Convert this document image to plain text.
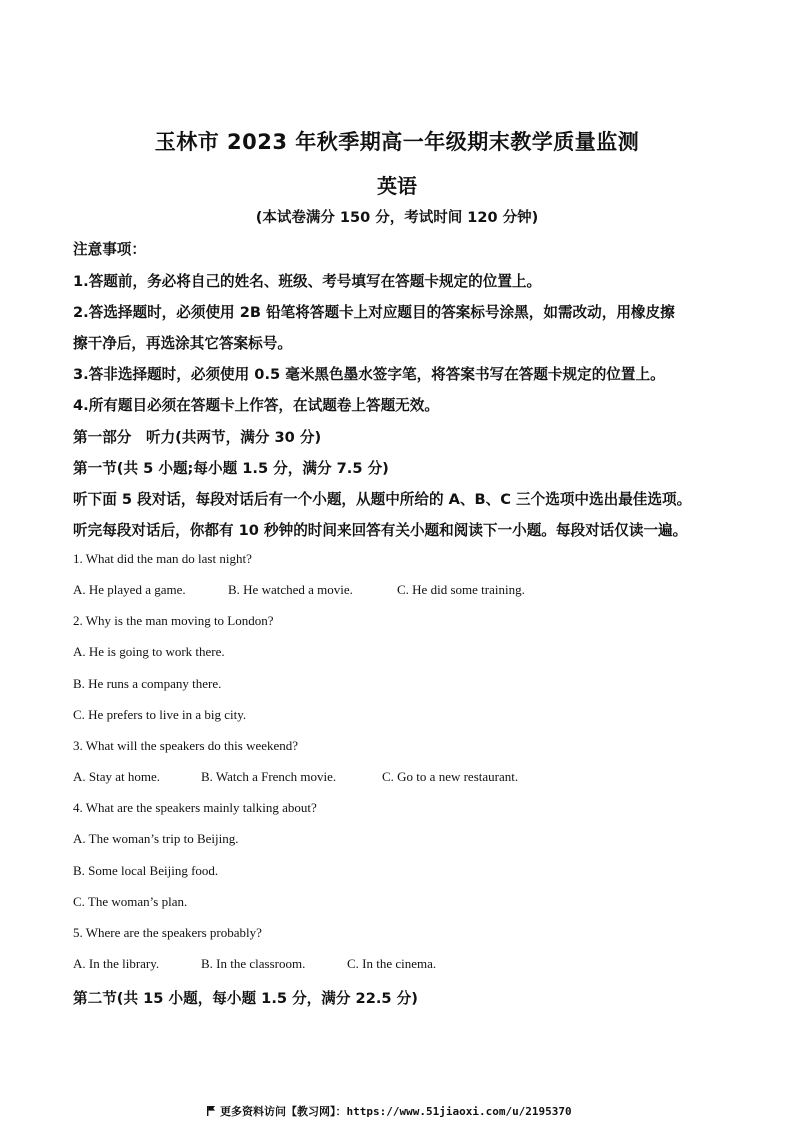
玉林市 2023 年秋季期高一年级期末教学质量监测
英语
(本试卷满分 150 分，考试时间 120 分钟)
注意事项：
1.答题前，务必将自己的姓名、班级、考号填写在答题卡规定的位置上。
2.答选择题时，必须使用 2B 铅笔将答题卡上对应题目的答案标号涂黑，如需改动，用橡皮擦
擦干净后，再选涂其它答案标号。
3.答非选择题时，必须使用 0.5 毫米黑色墨水签字笔，将答案书写在答题卡规定的位置上。
4.所有题目必须在答题卡上作答，在试题卷上答题无效。
第一部分　听力(共两节，满分 30 分)
第一节(共 5 小题;每小题 1.5 分，满分 7.5 分)
听下面 5 段对话，每段对话后有一个小题，从题中所给的 A、B、C 三个选项中选出最佳选项。
听完每段对话后，你都有 10 秒钟的时间来回答有关小题和阅读下一小题。每段对话仅读一遍。
1. What did the man do last night?
A. He played a game.	B. He watched a movie.	C. He did some training.
2. Why is the man moving to London?
A. He is going to work there.
B. He runs a company there.
C. He prefers to live in a big city.
3. What will the speakers do this weekend?
A. Stay at home.	B. Watch a French movie.	C. Go to a new restaurant.
4. What are the speakers mainly talking about?
A. The woman’s trip to Beijing.
B. Some local Beijing food.
C. The woman’s plan.
5. Where are the speakers probably?
A. In the library.	B. In the classroom.	C. In the cinema.
第二节(共 15 小题，每小题 1.5 分，满分 22.5 分)
更多资料访问【教习网】：https://www.51jiaoxi.com/u/2195370
